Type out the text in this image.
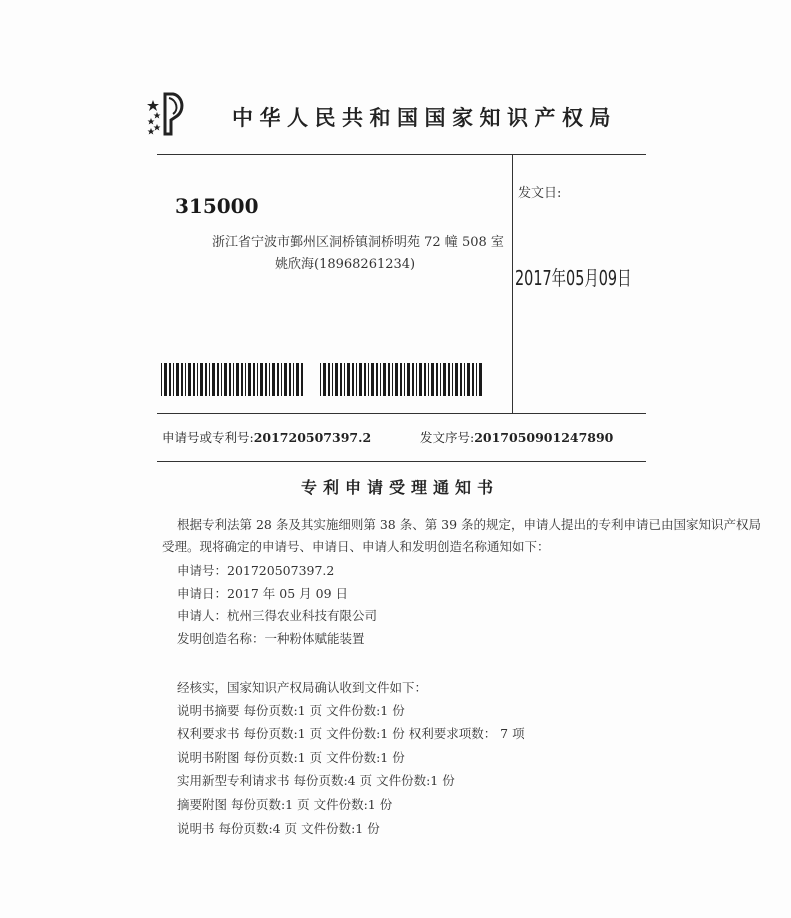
中华人民共和国国家知识产权局
315000
浙江省宁波市鄞州区洞桥镇洞桥明苑 72 幢 508 室
姚欣海(18968261234)
发文日:
2017年05月09日
申请号或专利号:201720507397.2	发文序号:2017050901247890
专利申请受理通知书
根据专利法第 28 条及其实施细则第 38 条、第 39 条的规定，申请人提出的专利申请已由国家知识产权局
受理。现将确定的申请号、申请日、申请人和发明创造名称通知如下：
申请号：201720507397.2
申请日：2017 年 05 月 09 日
申请人：杭州三得农业科技有限公司
发明创造名称：一种粉体赋能装置
经核实，国家知识产权局确认收到文件如下：
说明书摘要 每份页数:1 页 文件份数:1 份
权利要求书 每份页数:1 页 文件份数:1 份 权利要求项数： 7 项
说明书附图 每份页数:1 页 文件份数:1 份
实用新型专利请求书 每份页数:4 页 文件份数:1 份
摘要附图 每份页数:1 页 文件份数:1 份
说明书 每份页数:4 页 文件份数:1 份
